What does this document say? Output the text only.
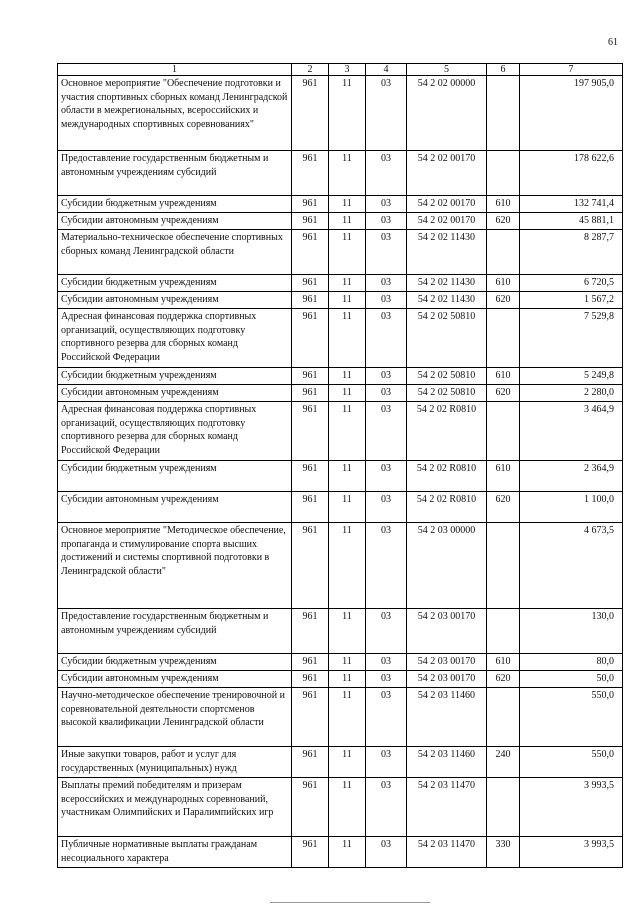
61
1	2	3	4	5	6	7
Основное мероприятие "Обеспечение подготовки и участия спортивных сборных команд Ленинградской области в межрегиональных, всероссийских и международных спортивных соревнованиях"	961	11	03	54 2 02 00000		197 905,0
Предоставление государственным бюджетным и автономным учреждениям субсидий	961	11	03	54 2 02 00170		178 622,6
Субсидии бюджетным учреждениям	961	11	03	54 2 02 00170	610	132 741,4
Субсидии автономным учреждениям	961	11	03	54 2 02 00170	620	45 881,1
Материально-техническое обеспечение спортивных сборных команд Ленинградской области	961	11	03	54 2 02 11430		8 287,7
Субсидии бюджетным учреждениям	961	11	03	54 2 02 11430	610	6 720,5
Субсидии автономным учреждениям	961	11	03	54 2 02 11430	620	1 567,2
Адресная финансовая поддержка спортивных организаций, осуществляющих подготовку спортивного резерва для сборных команд Российской Федерации	961	11	03	54 2 02 50810		7 529,8
Субсидии бюджетным учреждениям	961	11	03	54 2 02 50810	610	5 249,8
Субсидии автономным учреждениям	961	11	03	54 2 02 50810	620	2 280,0
Адресная финансовая поддержка спортивных организаций, осуществляющих подготовку спортивного резерва для сборных команд Российской Федерации	961	11	03	54 2 02 R0810		3 464,9
Субсидии бюджетным учреждениям	961	11	03	54 2 02 R0810	610	2 364,9
Субсидии автономным учреждениям	961	11	03	54 2 02 R0810	620	1 100,0
Основное мероприятие "Методическое обеспечение, пропаганда и стимулирование спорта высших достижений и системы спортивной подготовки в Ленинградской области"	961	11	03	54 2 03 00000		4 673,5
Предоставление государственным бюджетным и автономным учреждениям субсидий	961	11	03	54 2 03 00170		130,0
Субсидии бюджетным учреждениям	961	11	03	54 2 03 00170	610	80,0
Субсидии автономным учреждениям	961	11	03	54 2 03 00170	620	50,0
Научно-методическое обеспечение тренировочной и соревновательной деятельности спортсменов высокой квалификации Ленинградской области	961	11	03	54 2 03 11460		550,0
Иные закупки товаров, работ и услуг для государственных (муниципальных) нужд	961	11	03	54 2 03 11460	240	550,0
Выплаты премий победителям и призерам всероссийских и международных соревнований, участникам Олимпийских и Паралимпийских игр	961	11	03	54 2 03 11470		3 993,5
Публичные нормативные выплаты гражданам несоциального характера	961	11	03	54 2 03 11470	330	3 993,5
